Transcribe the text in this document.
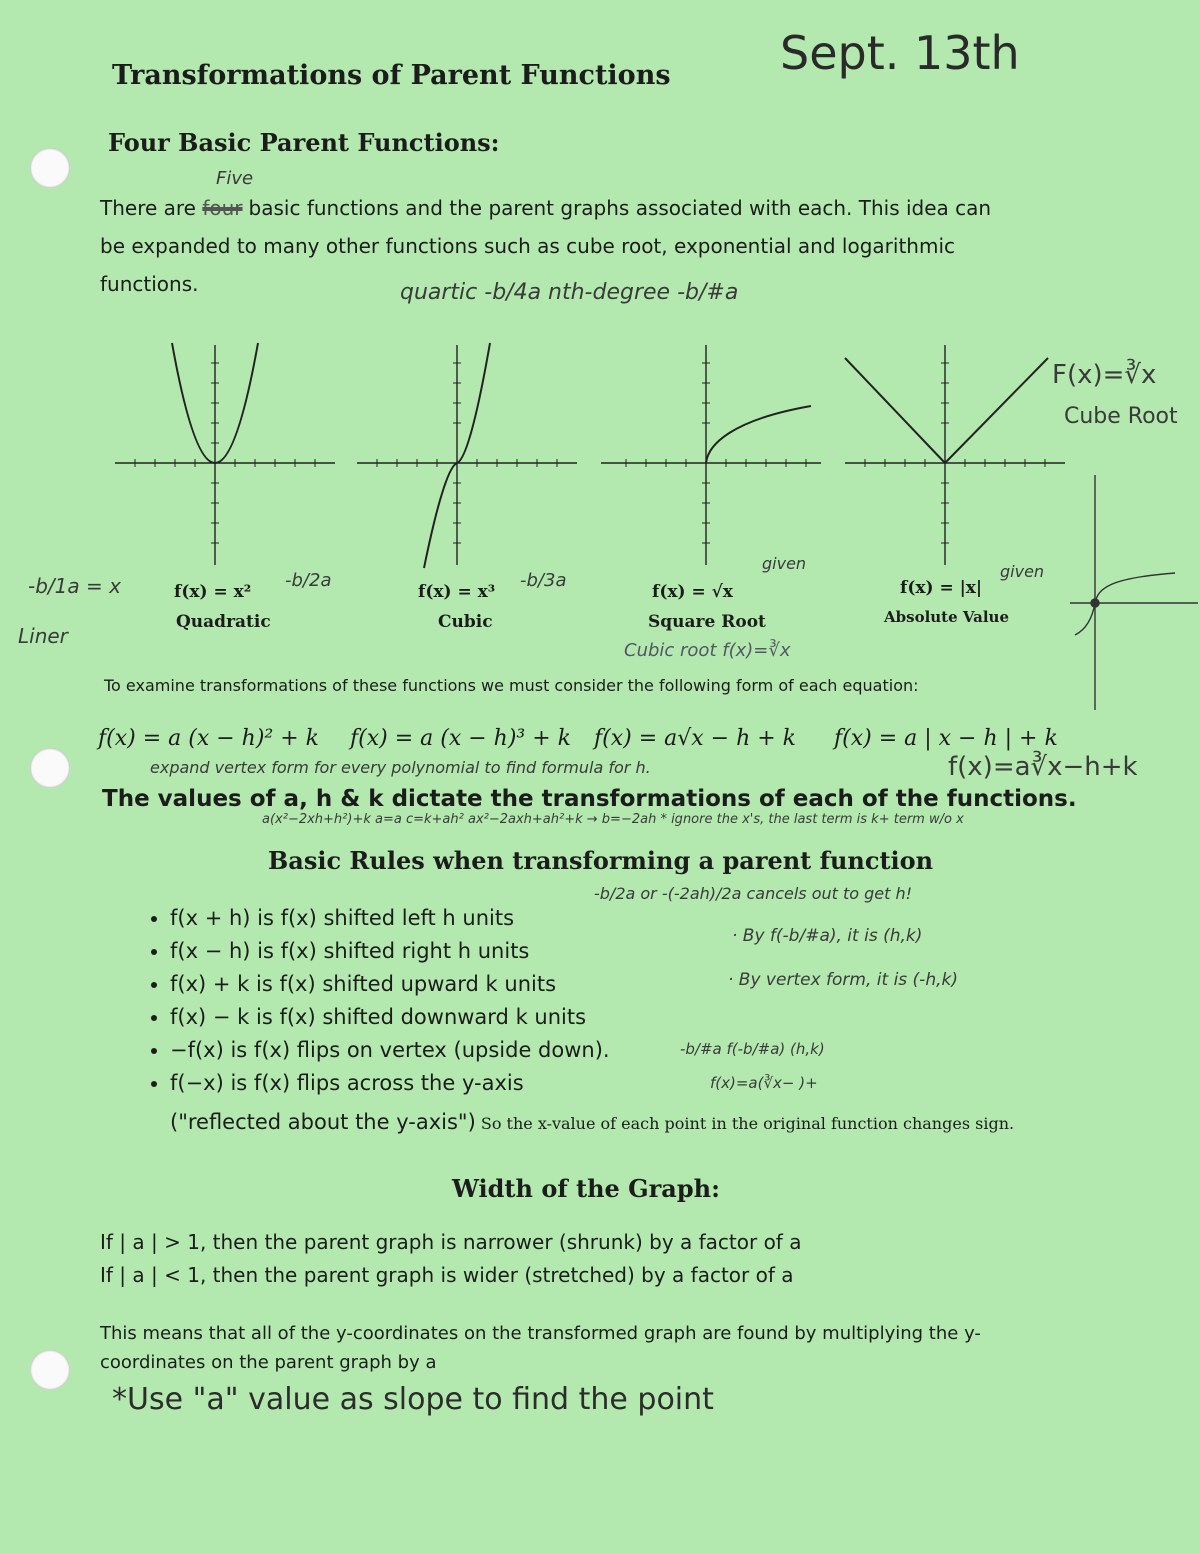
Transformations of Parent Functions Sept. 13th
Four Basic Parent Functions:
There are four basic functions and the parent graphs associated with each. This idea can
Five
be expanded to many other functions such as cube root, exponential and logarithmic
functions.	quartic -b/4a nth-degree -b/#a
f(x) = x²
Quadratic
-b/2a
f(x) = x³
Cubic
-b/3a
f(x) = √x
Square Root
given
f(x) = |x|
Absolute Value
given
-b/1a = x
Liner
F(x)=∛x
Cube Root
Cubic root f(x)=∛x
To examine transformations of these functions we must consider the following form of each equation:
f(x) = a (x − h)² + k f(x) = a (x − h)³ + k f(x) = a√x − h + k f(x) = a | x − h | + k
expand vertex form for every polynomial to find formula for h.	f(x)=a∛x−h+k
The values of a, h & k dictate the transformations of each of the functions.
a(x²−2xh+h²)+k a=a c=k+ah² ax²−2axh+ah²+k → b=−2ah * ignore the x's, the last term is k+ term w/o x
Basic Rules when transforming a parent function
• f(x + h) is f(x) shifted left h units
• f(x − h) is f(x) shifted right h units
• f(x) + k is f(x) shifted upward k units
• f(x) − k is f(x) shifted downward k units
• −f(x) is f(x) flips on vertex (upside down).
• f(−x) is f(x) flips across the y-axis
("reflected about the y-axis") So the x-value of each point in the original function changes sign.
-b/2a or -(-2ah)/2a cancels out to get h!
· By f(-b/#a), it is (h,k)
· By vertex form, it is (-h,k)
-b/#a f(-b/#a) (h,k)
f(x)=a(∛x− )+
Width of the Graph:
If | a | > 1, then the parent graph is narrower (shrunk) by a factor of a
If | a | < 1, then the parent graph is wider (stretched) by a factor of a
This means that all of the y-coordinates on the transformed graph are found by multiplying the y-
coordinates on the parent graph by a
*Use "a" value as slope to find the point
